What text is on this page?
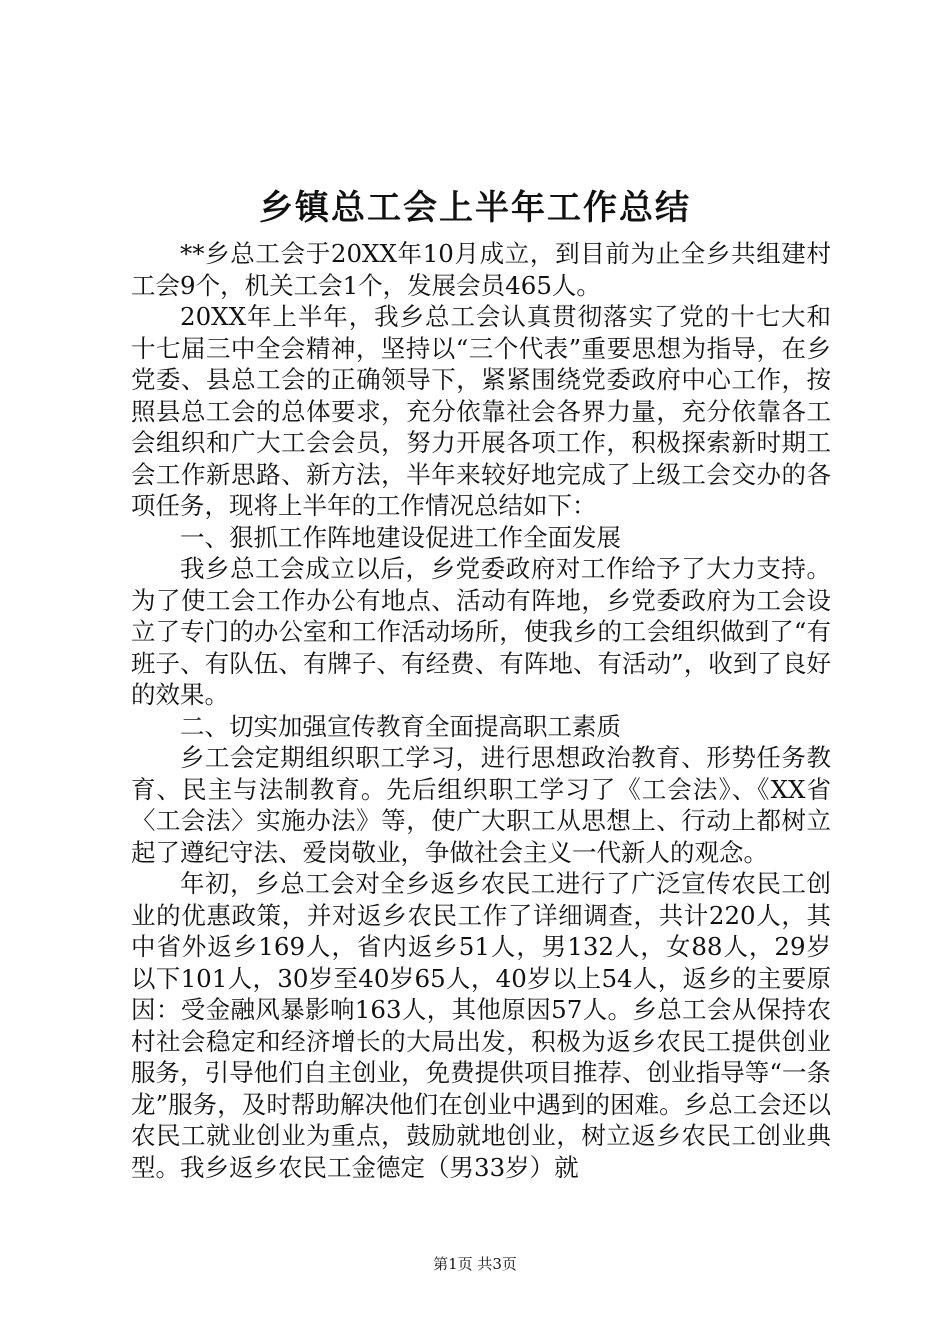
乡镇总工会上半年工作总结

**乡总工会于20XX年10月成立，到目前为止全乡共组建村工会9个，机关工会1个，发展会员465人。

20XX年上半年，我乡总工会认真贯彻落实了党的十七大和十七届三中全会精神，坚持以“三个代表”重要思想为指导，在乡党委、县总工会的正确领导下，紧紧围绕党委政府中心工作，按照县总工会的总体要求，充分依靠社会各界力量，充分依靠各工会组织和广大工会会员，努力开展各项工作，积极探索新时期工会工作新思路、新方法，半年来较好地完成了上级工会交办的各项任务，现将上半年的工作情况总结如下：

一、狠抓工作阵地建设促进工作全面发展

我乡总工会成立以后，乡党委政府对工作给予了大力支持。为了使工会工作办公有地点、活动有阵地，乡党委政府为工会设立了专门的办公室和工作活动场所，使我乡的工会组织做到了“有班子、有队伍、有牌子、有经费、有阵地、有活动”，收到了良好的效果。

二、切实加强宣传教育全面提高职工素质

乡工会定期组织职工学习，进行思想政治教育、形势任务教育、民主与法制教育。先后组织职工学习了《工会法》、《XX省〈工会法〉实施办法》等，使广大职工从思想上、行动上都树立起了遵纪守法、爱岗敬业，争做社会主义一代新人的观念。

年初，乡总工会对全乡返乡农民工进行了广泛宣传农民工创业的优惠政策，并对返乡农民工作了详细调查，共计220人，其中省外返乡169人，省内返乡51人，男132人，女88人，29岁以下101人，30岁至40岁65人，40岁以上54人，返乡的主要原因：受金融风暴影响163人，其他原因57人。乡总工会从保持农村社会稳定和经济增长的大局出发，积极为返乡农民工提供创业服务，引导他们自主创业，免费提供项目推荐、创业指导等“一条龙”服务，及时帮助解决他们在创业中遇到的困难。乡总工会还以农民工就业创业为重点，鼓励就地创业，树立返乡农民工创业典型。我乡返乡农民工金德定（男33岁）就

第1页 共3页
